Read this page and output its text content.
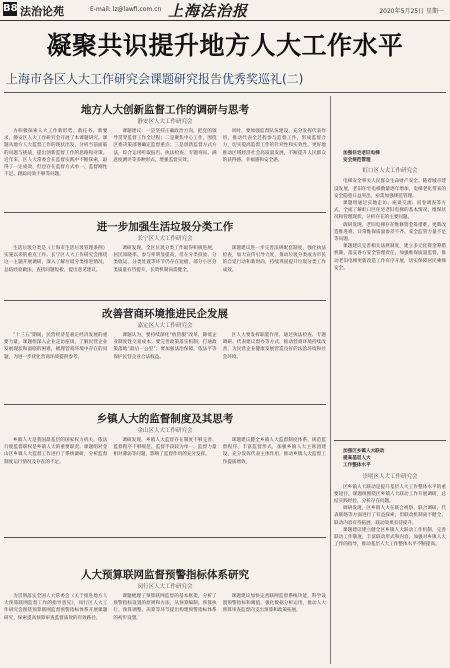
B8 法治论苑	E-mail: lz@lawfi.com.cn 上海法治报	2020年5月25日 星期一
凝聚共识提升地方人大工作水平
上海市各区人大工作研究会课题研究报告优秀奖巡礼(二)
地方人大创新监督工作的调研与思考
静安区人大工作研究会

为积极探索人大工作新形势、新任务、新要求，静安区人大工作研究会开展了本课题研究。课题从地方人大监督工作的现状出发，分析当前面临的问题与挑战，提出创新监督工作的思路和对策。近年来，区人大常委会在监督实践中不断探索，取得了一定成效，但也存在监督方式单一、监督刚性不足、跟踪问效不够等问题。

课题建议：一是坚持正确政治方向，把党的领导贯穿监督工作全过程；二是聚焦中心工作，围绕区委决策部署确定监督重点；三是创新监督方式方法，综合运用听取报告、执法检查、专题询问、满意度测评等多种形式，增强监督实效。

同时，要加强监督队伍建设，充分发挥代表作用，推动代表全过程参与监督工作，形成监督合力，切实提高监督工作的针对性和实效性，更好地推动区域经济社会高质量发展，不断提升人民群众的获得感、幸福感和安全感。

进一步加强生活垃圾分类工作
长宁区人大工作研究会

生活垃圾分类是《上海市生活垃圾管理条例》实施以来的重点工作。长宁区人大工作研究会围绕这一主题开展调研，深入了解垃圾分类推进情况，总结经验做法，查找问题短板，提出意见建议。

调研发现，全区垃圾分类工作取得积极进展，居民知晓率、参与率明显提高，但在分类投放、分类收运、分类处置等环节仍存在短板，部分小区分类质量有待提升，长效机制尚需健全。

课题建议进一步完善法规配套制度，强化执法检查，加大宣传引导力度，推动垃圾分类成为市民的自觉行动和新时尚，持续巩固提升垃圾分类工作成效。

改善营商环境推进民企发展
嘉定区人大工作研究会

“十三五”期间，民营经济是嘉定经济发展的重要力量。课题组深入企业走访座谈，了解民营企业发展现状和面临的困难，梳理营商环境中存在的问题，为进一步优化营商环境提供参考。

课题认为，要持续深化“放管服”改革，降低企业制度性交易成本；要完善政策落实机制，打通政策落地“最后一公里”；要加强法治保障，依法平等保护民营企业合法权益。

区人大要发挥职能作用，通过执法检查、专题调研、代表建议督办等方式，推动营商环境持续改善，为民营企业健康发展营造良好的法治环境和社会环境。

乡镇人大的监督制度及其思考
金山区人大工作研究会

乡镇人大是我国最基层的国家权力机关，依法行使监督职权是乡镇人大的重要职责。课题组对金山区乡镇人大监督工作进行了系统调研，分析监督制度运行情况及存在的不足。

调研发现，乡镇人大监督存在制度不够完善、监督程序不够规范、监督手段较为单一、监督力量相对薄弱等问题，影响了监督作用的充分发挥。

课题建议健全乡镇人大监督制度体系，规范监督程序，丰富监督形式，加强乡镇人大主席团建设，充分发挥代表主体作用，推动乡镇人大监督工作提质增效。

人大预算联网监督预警指标体系研究
闵行区人大工作研究会

为贯彻落实全国人大常委会《关于推进地方人大预算联网监督工作的指导意见》，闵行区人大工作研究会围绕预算联网监督预警指标体系开展课题研究，探索提高预算审查监督质效的有效路径。

课题梳理了预算联网监督的基本框架，分析了预警指标设置的原则和方法，从预算编制、预算执行、预算调整、决算等环节提出构建预警指标体系的初步设想。

课题建议加快完善联网监督系统功能，科学设置预警指标和阈值，强化数据分析运用，推动人大预算审查监督向支出预算和政策拓展。

加强住宅老旧电梯

安全规范管理

虹口区人大工作研究会

电梯安全事关人民群众生命财产安全。随着城市建设发展，老旧住宅电梯数量逐年增加，电梯老化带来的安全隐患日益突出，亟需加强规范管理。

课题组通过实地走访、座谈交流、问卷调查等方式，全面了解虹口区住宅老旧电梯的基本情况、维保状况和管理现状，分析存在的主要问题。

调研发现，老旧电梯存在维修资金筹措难、更新改造推进难、日常维保质量参差不齐、安全监管力量不足等问题。

课题建议完善相关法规制度，建立多元化资金筹措机制，落实各方安全管理责任，加强维保质量监督，推动老旧电梯更新改造工作有序开展，切实保障居民乘梯安全。

加强区乡镇人大联动

提高基层人大

工作整体水平

崇明区人大工作研究会

区乡镇人大联动是提升基层人大工作整体水平的重要途径。课题组围绕区乡镇人大联动工作开展调研，总结实践经验，分析存在问题。

调研发现，区乡镇人大在联合视察、联合调研、代表联络等方面进行了有益探索，但联动机制尚不健全，联动内容有待拓展，联动效果有待提升。

课题建议建立健全区乡镇人大联动工作机制，完善联动工作制度，丰富联动形式和内容，加强对乡镇人大工作的指导，推动基层人大工作整体水平不断提高。
